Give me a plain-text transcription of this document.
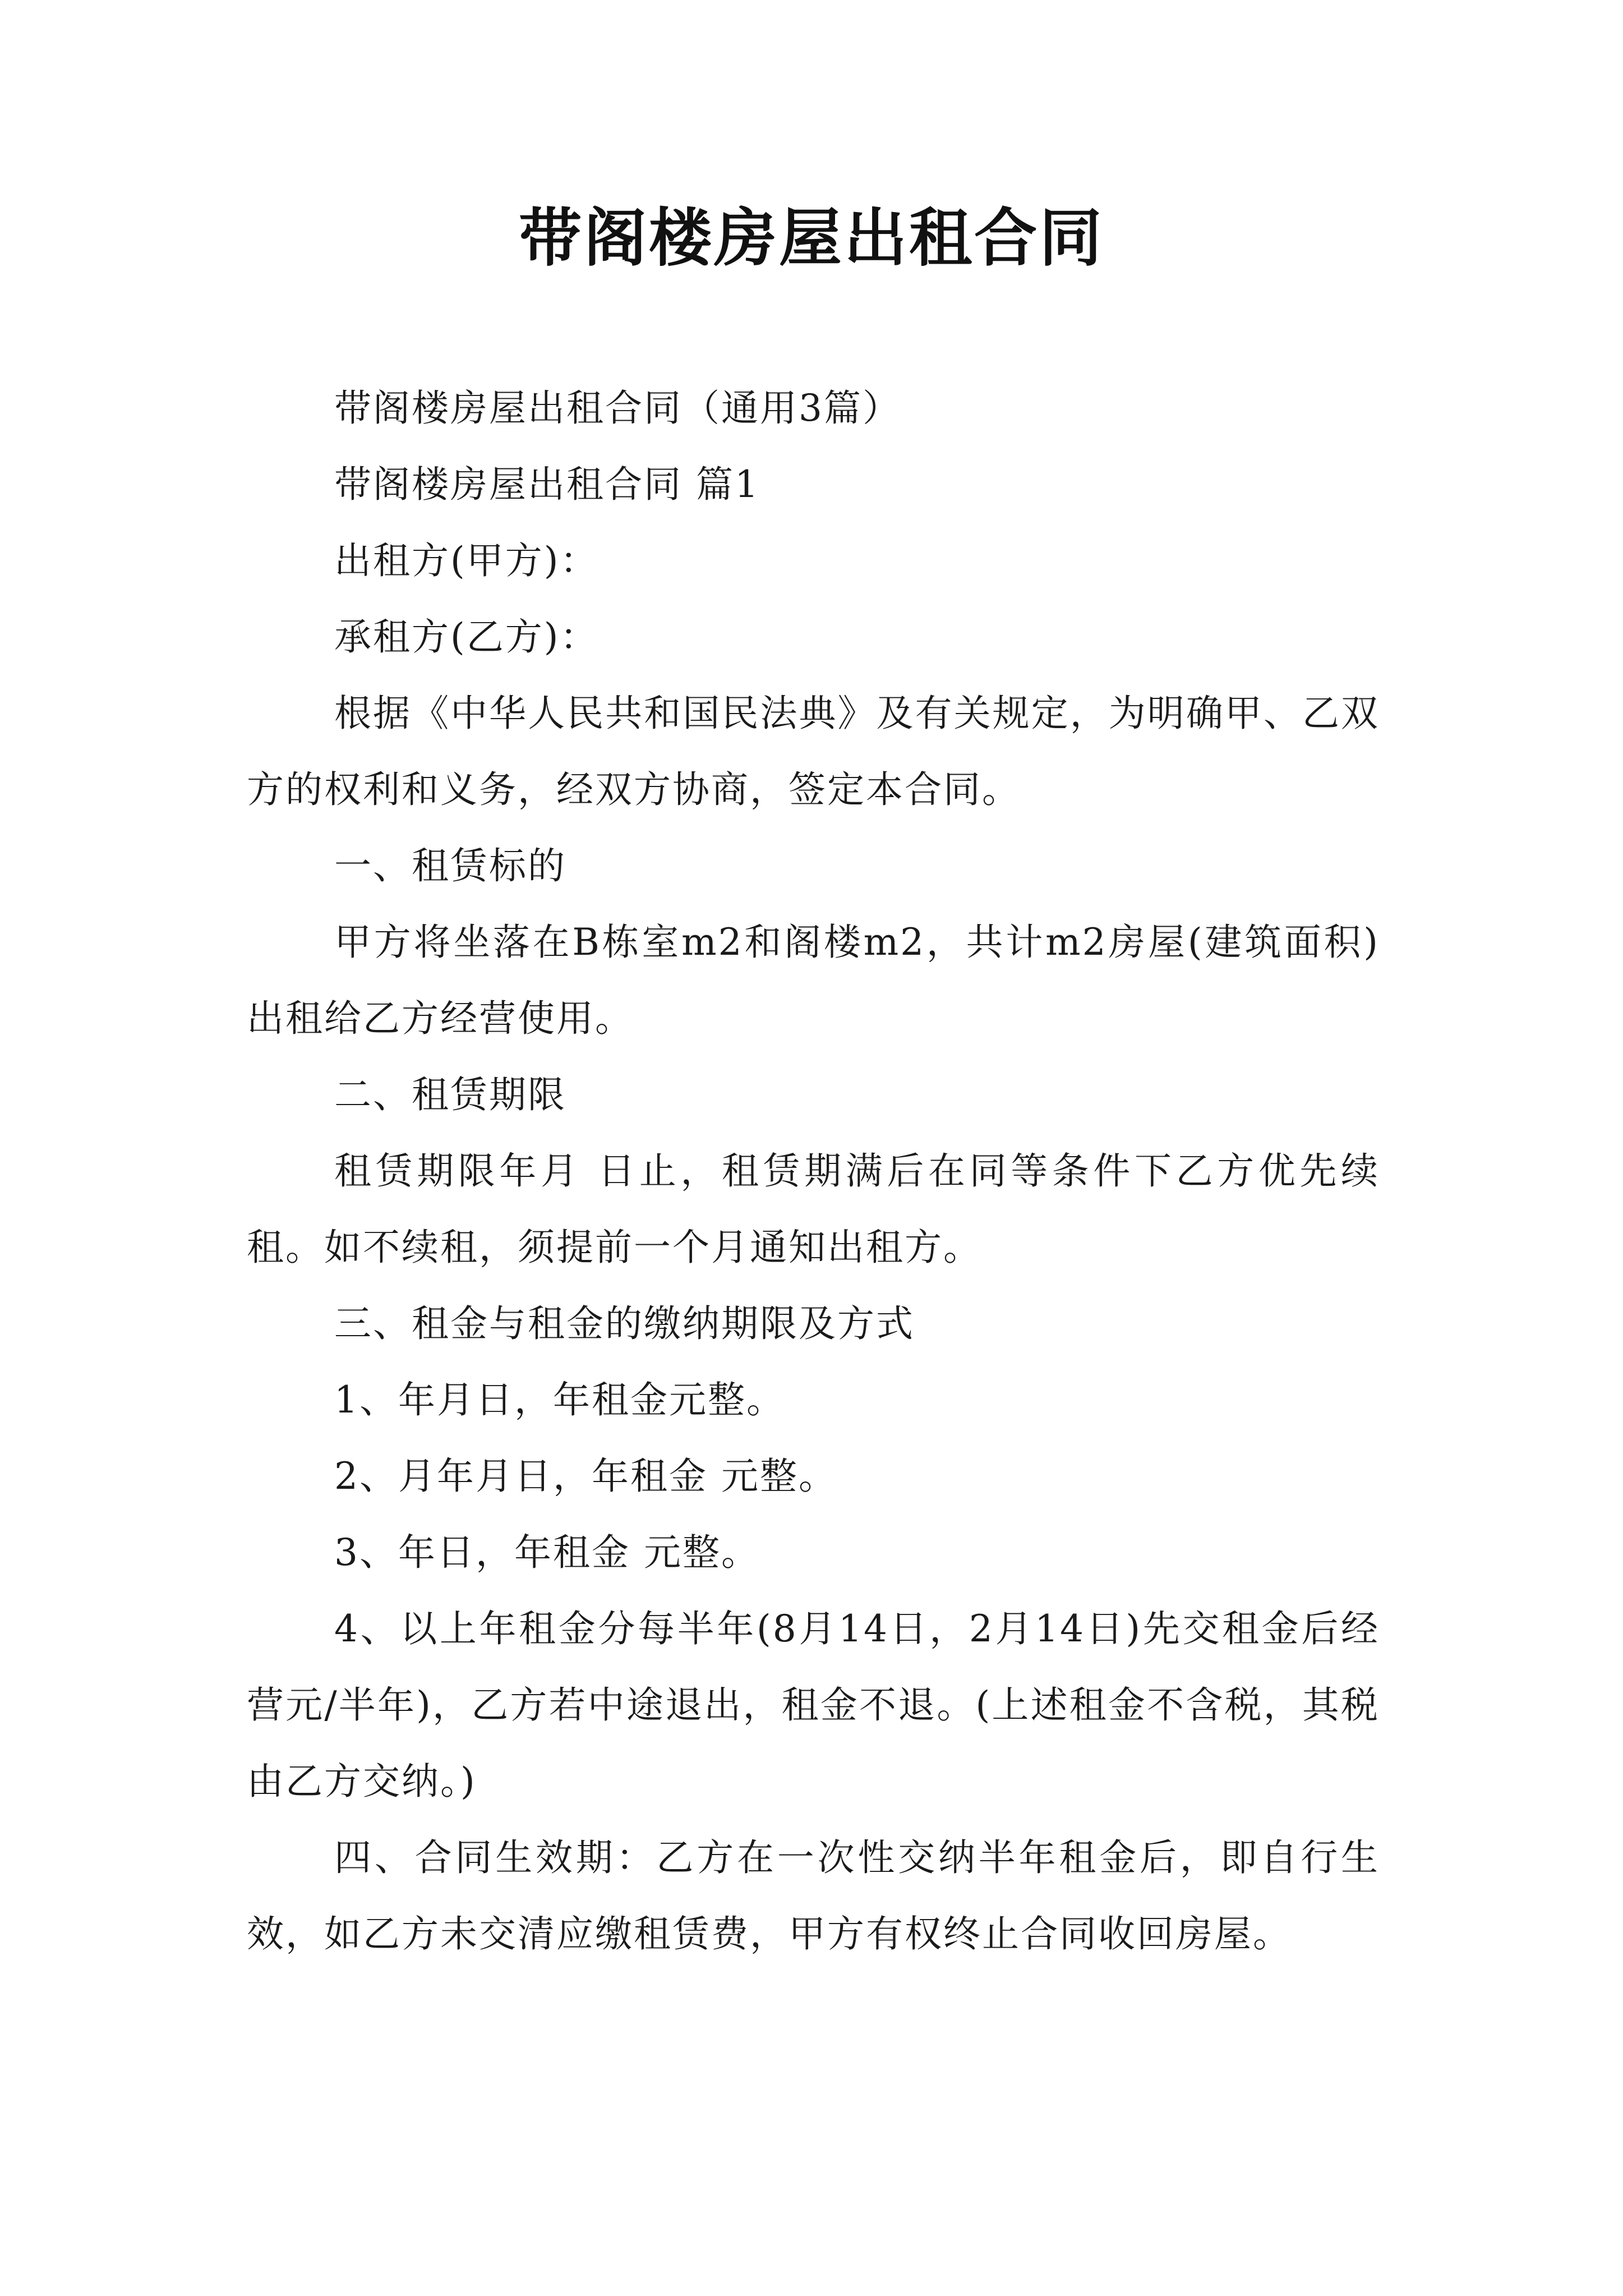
带阁楼房屋出租合同

带阁楼房屋出租合同（通用3篇）

带阁楼房屋出租合同 篇1

出租方(甲方)：

承租方(乙方)：

根据《中华人民共和国民法典》及有关规定，为明确甲、乙双方的权利和义务，经双方协商，签定本合同。

一、租赁标的

甲方将坐落在B栋室m2和阁楼m2，共计m2房屋(建筑面积)出租给乙方经营使用。

二、租赁期限

租赁期限年月 日止，租赁期满后在同等条件下乙方优先续租。如不续租，须提前一个月通知出租方。

三、租金与租金的缴纳期限及方式

1、年月日，年租金元整。

2、月年月日，年租金 元整。

3、年日，年租金 元整。

4、以上年租金分每半年(8月14日，2月14日)先交租金后经营元/半年)，乙方若中途退出，租金不退。(上述租金不含税，其税由乙方交纳。)

四、合同生效期：乙方在一次性交纳半年租金后，即自行生效，如乙方未交清应缴租赁费，甲方有权终止合同收回房屋。
